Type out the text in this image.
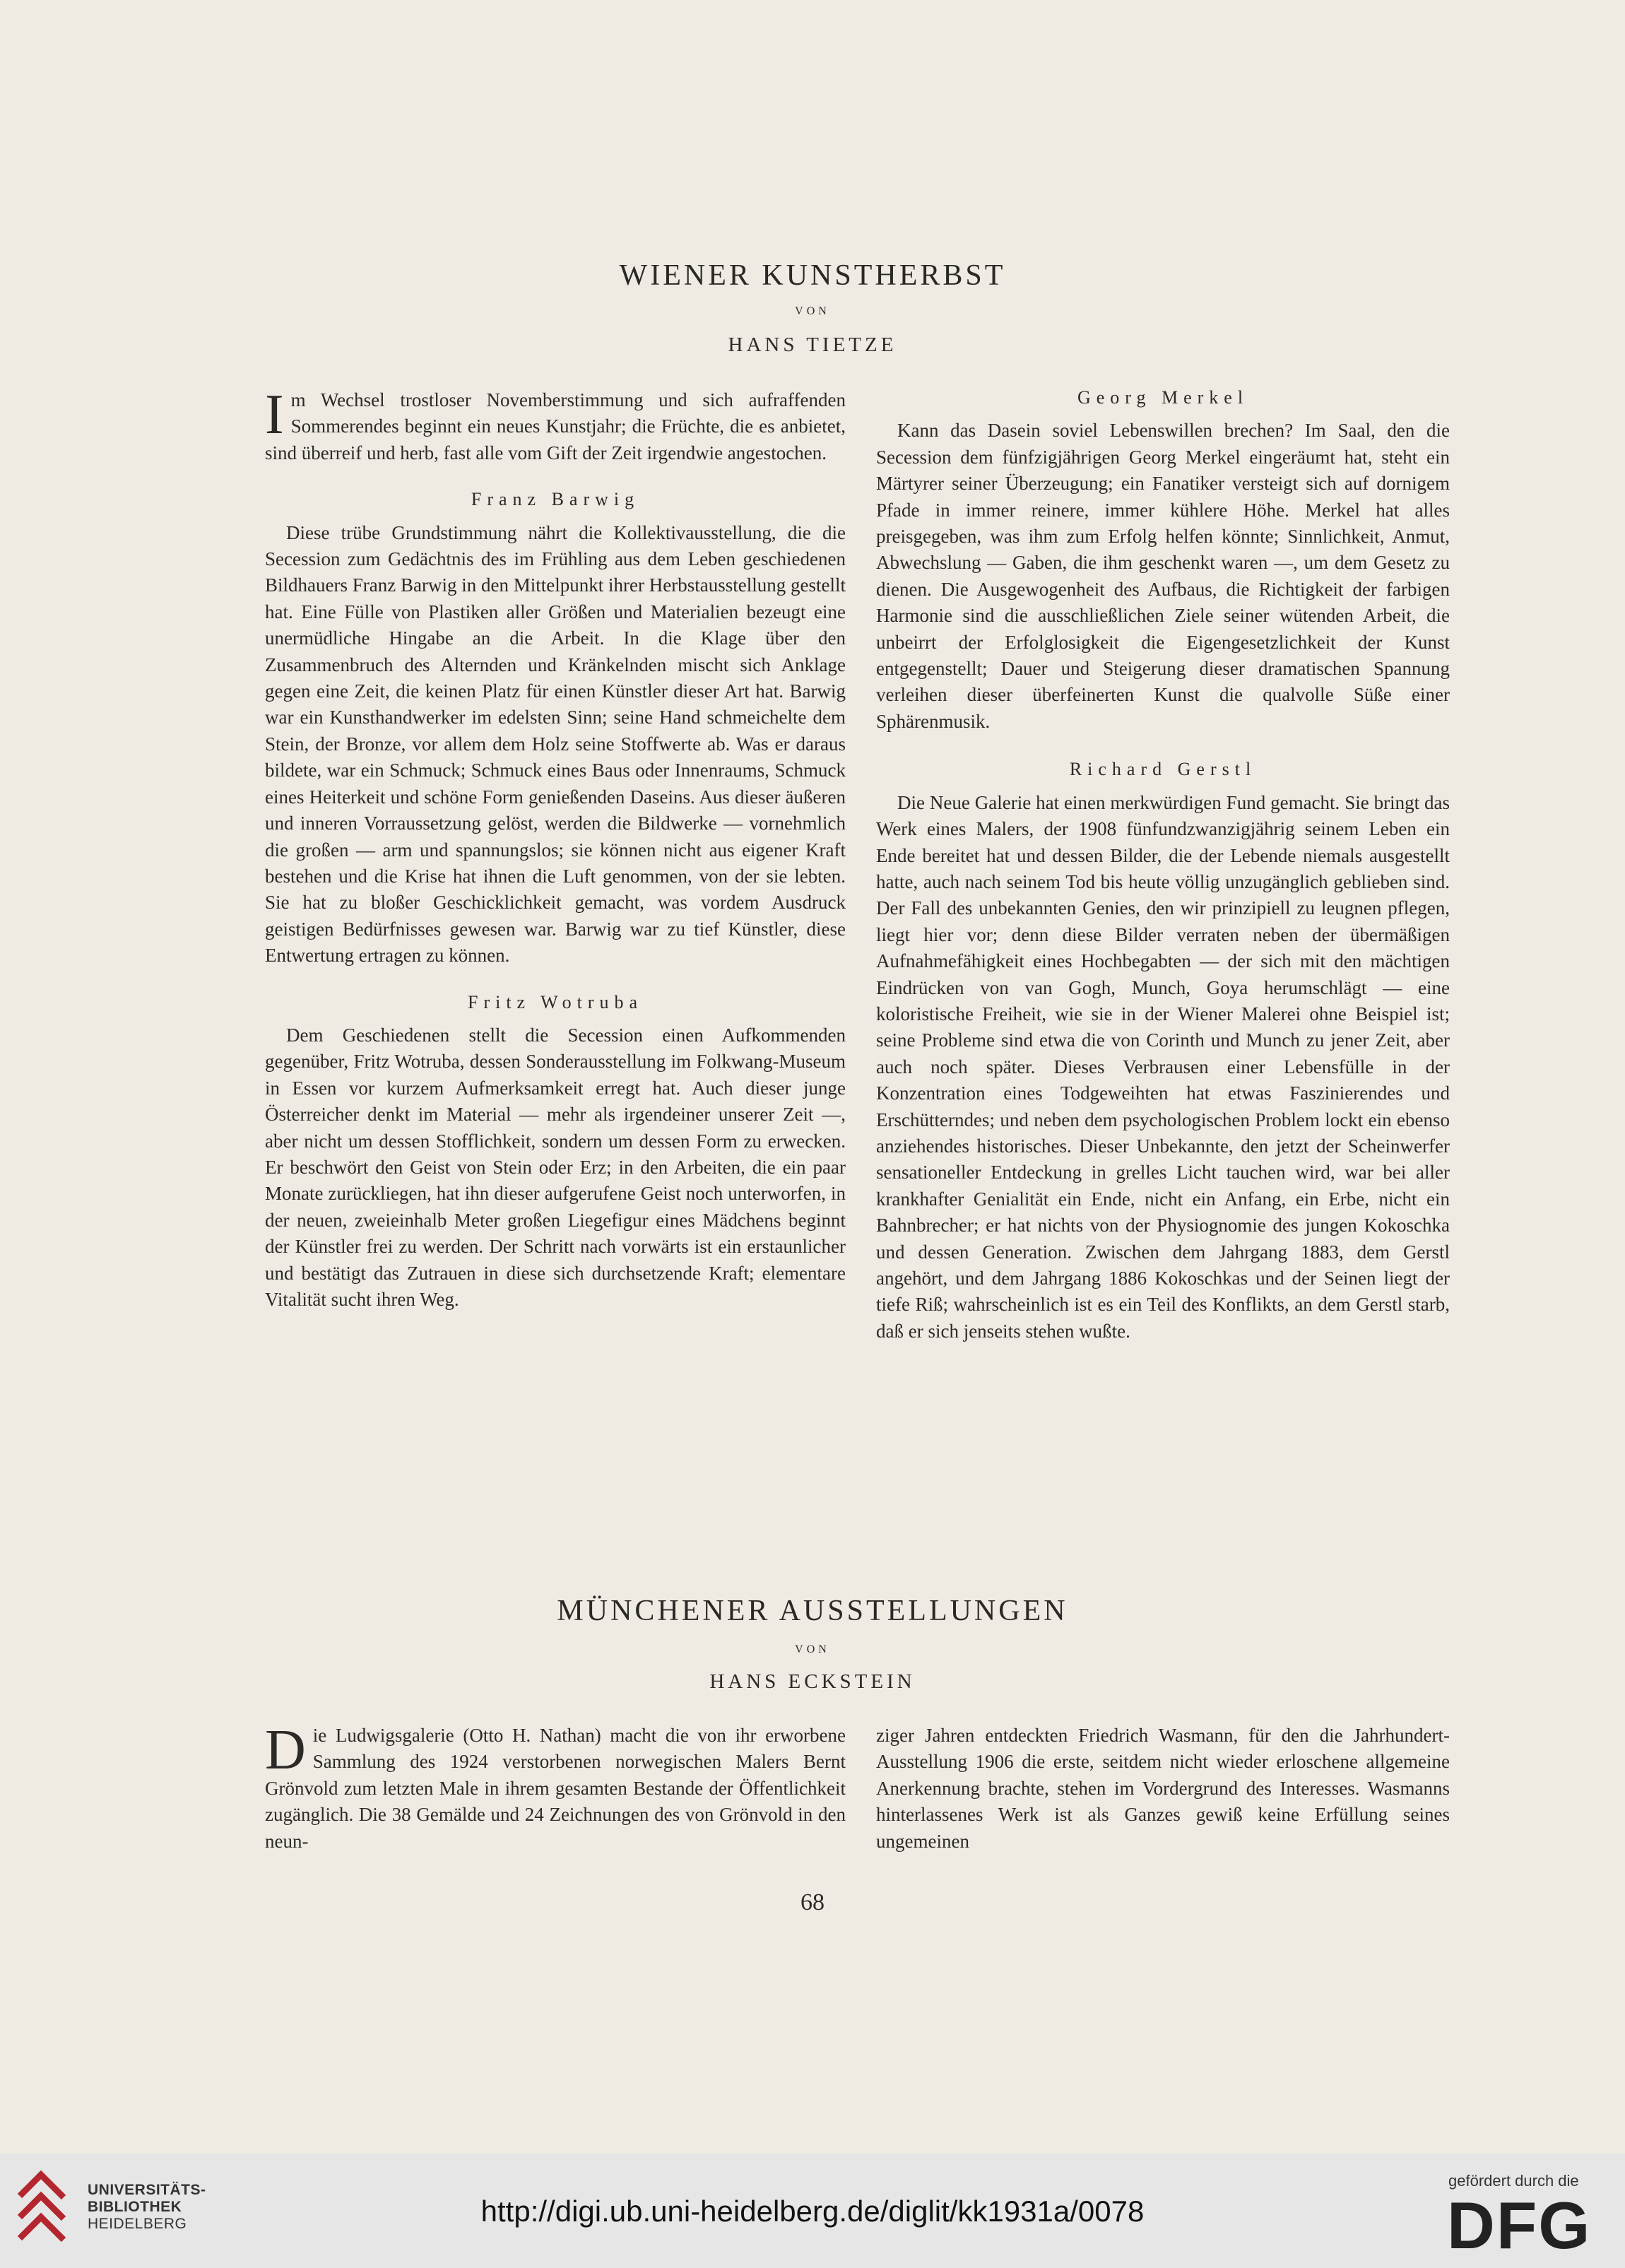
WIENER KUNSTHERBST
VON
HANS TIETZE

Im Wechsel trostloser Novemberstimmung und sich aufraffenden Sommerendes beginnt ein neues Kunstjahr; die Früchte, die es anbietet, sind überreif und herb, fast alle vom Gift der Zeit irgendwie angestochen.

Franz Barwig

Diese trübe Grundstimmung nährt die Kollektivausstellung, die die Secession zum Gedächtnis des im Frühling aus dem Leben geschiedenen Bildhauers Franz Barwig in den Mittelpunkt ihrer Herbstausstellung gestellt hat. Eine Fülle von Plastiken aller Größen und Materialien bezeugt eine unermüdliche Hingabe an die Arbeit. In die Klage über den Zusammenbruch des Alternden und Kränkelnden mischt sich Anklage gegen eine Zeit, die keinen Platz für einen Künstler dieser Art hat. Barwig war ein Kunsthandwerker im edelsten Sinn; seine Hand schmeichelte dem Stein, der Bronze, vor allem dem Holz seine Stoffwerte ab. Was er daraus bildete, war ein Schmuck; Schmuck eines Baus oder Innenraums, Schmuck eines Heiterkeit und schöne Form genießenden Daseins. Aus dieser äußeren und inneren Vorraussetzung gelöst, werden die Bildwerke — vornehmlich die großen — arm und spannungslos; sie können nicht aus eigener Kraft bestehen und die Krise hat ihnen die Luft genommen, von der sie lebten. Sie hat zu bloßer Geschicklichkeit gemacht, was vordem Ausdruck geistigen Bedürfnisses gewesen war. Barwig war zu tief Künstler, diese Entwertung ertragen zu können.

Fritz Wotruba

Dem Geschiedenen stellt die Secession einen Aufkommenden gegenüber, Fritz Wotruba, dessen Sonderausstellung im Folkwang-Museum in Essen vor kurzem Aufmerksamkeit erregt hat. Auch dieser junge Österreicher denkt im Material — mehr als irgendeiner unserer Zeit —, aber nicht um dessen Stofflichkeit, sondern um dessen Form zu erwecken. Er beschwört den Geist von Stein oder Erz; in den Arbeiten, die ein paar Monate zurückliegen, hat ihn dieser aufgerufene Geist noch unterworfen, in der neuen, zweieinhalb Meter großen Liegefigur eines Mädchens beginnt der Künstler frei zu werden. Der Schritt nach vorwärts ist ein erstaunlicher und bestätigt das Zutrauen in diese sich durchsetzende Kraft; elementare Vitalität sucht ihren Weg.

Georg Merkel

Kann das Dasein soviel Lebenswillen brechen? Im Saal, den die Secession dem fünfzigjährigen Georg Merkel eingeräumt hat, steht ein Märtyrer seiner Überzeugung; ein Fanatiker versteigt sich auf dornigem Pfade in immer reinere, immer kühlere Höhe. Merkel hat alles preisgegeben, was ihm zum Erfolg helfen könnte; Sinnlichkeit, Anmut, Abwechslung — Gaben, die ihm geschenkt waren —, um dem Gesetz zu dienen. Die Ausgewogenheit des Aufbaus, die Richtigkeit der farbigen Harmonie sind die ausschließlichen Ziele seiner wütenden Arbeit, die unbeirrt der Erfolglosigkeit die Eigengesetzlichkeit der Kunst entgegenstellt; Dauer und Steigerung dieser dramatischen Spannung verleihen dieser überfeinerten Kunst die qualvolle Süße einer Sphärenmusik.

Richard Gerstl

Die Neue Galerie hat einen merkwürdigen Fund gemacht. Sie bringt das Werk eines Malers, der 1908 fünfundzwanzigjährig seinem Leben ein Ende bereitet hat und dessen Bilder, die der Lebende niemals ausgestellt hatte, auch nach seinem Tod bis heute völlig unzugänglich geblieben sind. Der Fall des unbekannten Genies, den wir prinzipiell zu leugnen pflegen, liegt hier vor; denn diese Bilder verraten neben der übermäßigen Aufnahmefähigkeit eines Hochbegabten — der sich mit den mächtigen Eindrücken von van Gogh, Munch, Goya herumschlägt — eine koloristische Freiheit, wie sie in der Wiener Malerei ohne Beispiel ist; seine Probleme sind etwa die von Corinth und Munch zu jener Zeit, aber auch noch später. Dieses Verbrausen einer Lebensfülle in der Konzentration eines Todgeweihten hat etwas Faszinierendes und Erschütterndes; und neben dem psychologischen Problem lockt ein ebenso anziehendes historisches. Dieser Unbekannte, den jetzt der Scheinwerfer sensationeller Entdeckung in grelles Licht tauchen wird, war bei aller krankhafter Genialität ein Ende, nicht ein Anfang, ein Erbe, nicht ein Bahnbrecher; er hat nichts von der Physiognomie des jungen Kokoschka und dessen Generation. Zwischen dem Jahrgang 1883, dem Gerstl angehört, und dem Jahrgang 1886 Kokoschkas und der Seinen liegt der tiefe Riß; wahrscheinlich ist es ein Teil des Konflikts, an dem Gerstl starb, daß er sich jenseits stehen wußte.

MÜNCHENER AUSSTELLUNGEN
VON
HANS ECKSTEIN

Die Ludwigsgalerie (Otto H. Nathan) macht die von ihr erworbene Sammlung des 1924 verstorbenen norwegischen Malers Bernt Grönvold zum letzten Male in ihrem gesamten Bestande der Öffentlichkeit zugänglich. Die 38 Gemälde und 24 Zeichnungen des von Grönvold in den neun-

ziger Jahren entdeckten Friedrich Wasmann, für den die Jahrhundert-Ausstellung 1906 die erste, seitdem nicht wieder erloschene allgemeine Anerkennung brachte, stehen im Vordergrund des Interesses. Wasmanns hinterlassenes Werk ist als Ganzes gewiß keine Erfüllung seines ungemeinen

68
UNIVERSITÄTS-
BIBLIOTHEK
HEIDELBERG	http://digi.ub.uni-heidelberg.de/diglit/kk1931a/0078
gefördert durch die
DFG
